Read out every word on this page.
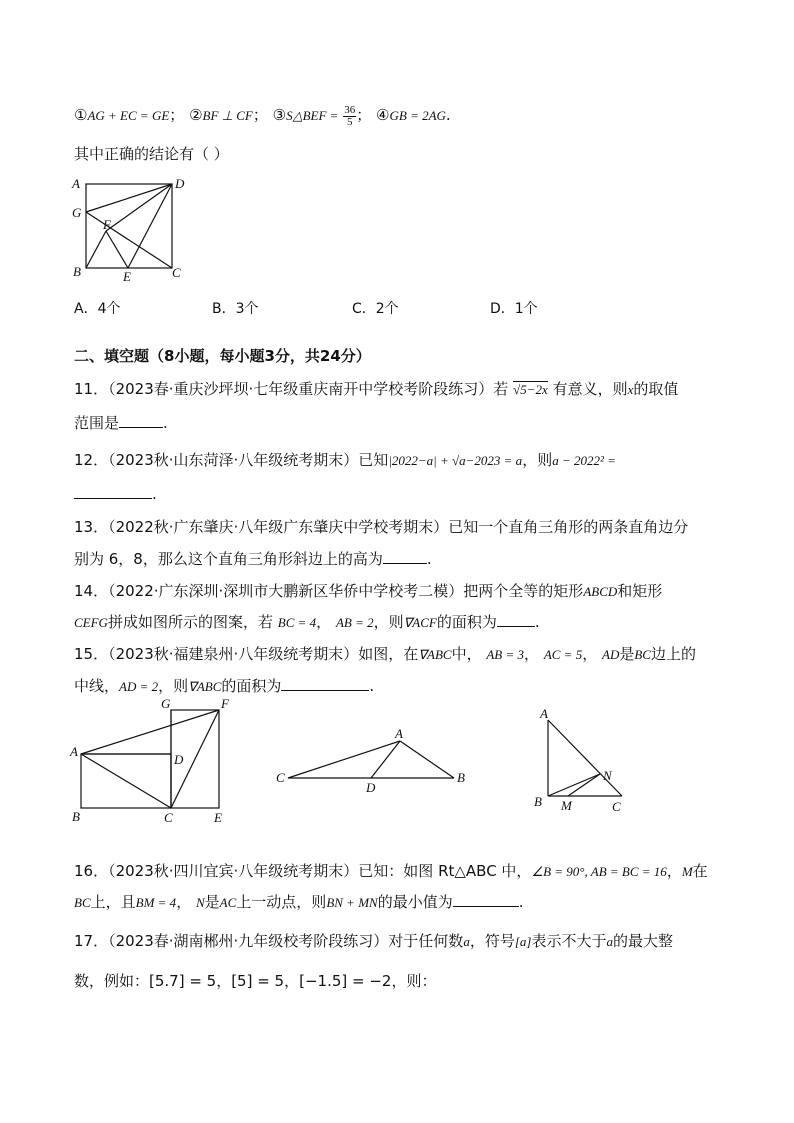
①AG + EC = GE； ②BF ⊥ CF； ③S△BEF = $\frac{36}{5}$ ； ④GB = 2AG.
其中正确的结论有（ ）
A	D
G
F
B	E	C
A．4个	B．3个	C．2个	D．1个
二、填空题（8小题，每小题3分，共24分）
11．（2023春·重庆沙坪坝·七年级重庆南开中学校考阶段练习）若 √5−2x 有意义，则x的取值
范围是	.
12．（2023秋·山东菏泽·八年级统考期末）已知|2022−a| + √a−2023 = a，则a − 2022² =
.
13．（2022秋·广东肇庆·八年级广东肇庆中学校考期末）已知一个直角三角形的两条直角边分
别为 6，8，那么这个直角三角形斜边上的高为	.
14．（2022·广东深圳·深圳市大鹏新区华侨中学校考二模）把两个全等的矩形ABCD和矩形
CEFG拼成如图所示的图案，若 BC = 4， AB = 2，则∇ACF的面积为	.
15．（2023秋·福建泉州·八年级统考期末）如图，在∇ABC中， AB = 3， AC = 5， AD是BC边上的
中线，AD = 2，则∇ABC的面积为	.
G	F
A
D
B	C	E
A
C
D
B
A
N
B M	C
16．（2023秋·四川宜宾·八年级统考期末）已知：如图 Rt△ABC 中，∠B = 90°, AB = BC = 16，M在
BC上，且BM = 4， N是AC上一动点，则BN + MN的最小值为	.
17．（2023春·湖南郴州·九年级校考阶段练习）对于任何数a，符号[a]表示不大于a的最大整
数，例如：[5.7] = 5，[5] = 5，[−1.5] = −2，则：
